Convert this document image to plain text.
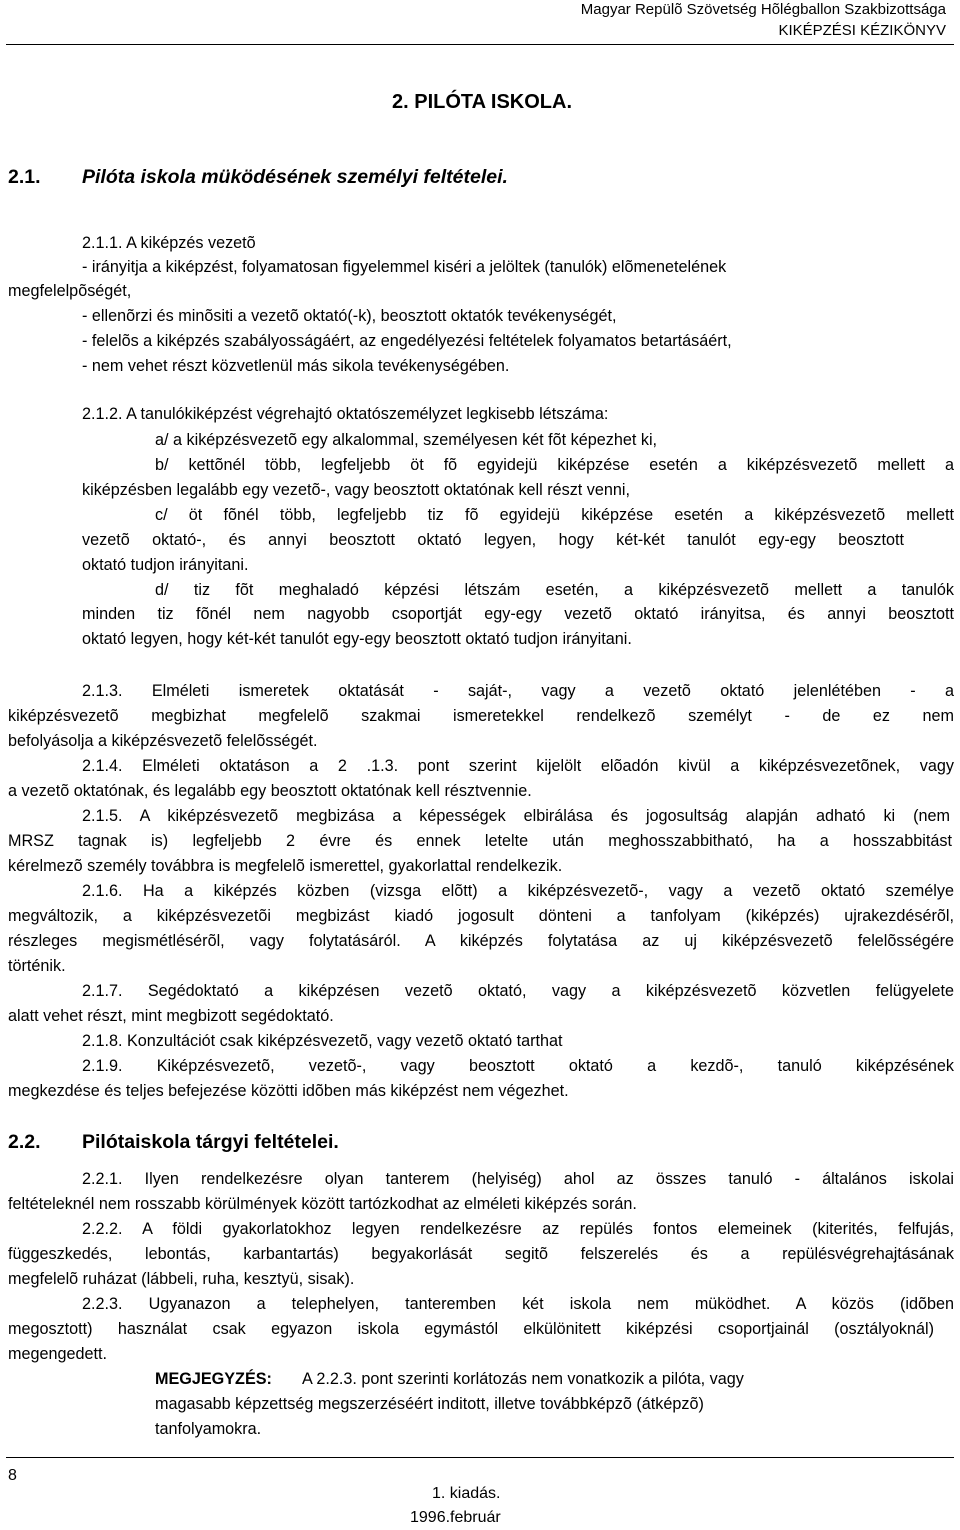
Magyar Repülõ Szövetség Hõlégballon Szakbizottsága
KIKÉPZÉSI KÉZIKÖNYV
2. PILÓTA ISKOLA.
2.1. Pilóta iskola müködésének személyi feltételei.
2.1.1. A kiképzés vezetõ
- irányitja a kiképzést, folyamatosan figyelemmel kiséri a jelöltek (tanulók) elõmenetelének
megfelelpõségét,
- ellenõrzi és minõsiti a vezetõ oktató(-k), beosztott oktatók tevékenységét,
- felelõs a kiképzés szabályosságáért, az engedélyezési feltételek folyamatos betartásáért,
- nem vehet részt közvetlenül más sikola tevékenységében.
2.1.2. A tanulókiképzést végrehajtó oktatószemélyzet legkisebb létszáma:
a/ a kiképzésvezetõ egy alkalommal, személyesen két fõt képezhet ki,
b/ kettõnél több, legfeljebb öt fõ egyidejü kiképzése esetén a kiképzésvezetõ mellett a
kiképzésben legalább egy vezetõ-, vagy beosztott oktatónak kell részt venni,
c/ öt fõnél több, legfeljebb tiz fõ egyidejü kiképzése esetén a kiképzésvezetõ mellett
vezetõ oktató-, és annyi beosztott oktató legyen, hogy két-két tanulót egy-egy beosztott
oktató tudjon irányitani.
d/ tiz fõt meghaladó képzési létszám esetén, a kiképzésvezetõ mellett a tanulók
minden tiz fõnél nem nagyobb csoportját egy-egy vezetõ oktató irányitsa, és annyi beosztott
oktató legyen, hogy két-két tanulót egy-egy beosztott oktató tudjon irányitani.
2.1.3. Elméleti ismeretek oktatását - saját-, vagy a vezetõ oktató jelenlétében - a
kiképzésvezetõ megbizhat megfelelõ szakmai ismeretekkel rendelkezõ személyt - de ez nem
befolyásolja a kiképzésvezetõ felelõsségét.
2.1.4. Elméleti oktatáson a 2 .1.3. pont szerint kijelölt elõadón kivül a kiképzésvezetõnek, vagy
a vezetõ oktatónak, és legalább egy beosztott oktatónak kell résztvennie.
2.1.5. A kiképzésvezetõ megbizása a képességek elbirálása és jogosultság alapján adható ki (nem
MRSZ tagnak is) legfeljebb 2 évre és ennek letelte után meghosszabbitható, ha a hosszabbitást
kérelmezõ személy továbbra is megfelelõ ismerettel, gyakorlattal rendelkezik.
2.1.6. Ha a kiképzés közben (vizsga elõtt) a kiképzésvezetõ-, vagy a vezetõ oktató személye
megváltozik, a kiképzésvezetõi megbizást kiadó jogosult dönteni a tanfolyam (kiképzés) ujrakezdésérõl,
részleges megismétlésérõl, vagy folytatásáról. A kiképzés folytatása az uj kiképzésvezetõ felelõsségére
történik.
2.1.7. Segédoktató a kiképzésen vezetõ oktató, vagy a kiképzésvezetõ közvetlen felügyelete
alatt vehet részt, mint megbizott segédoktató.
2.1.8. Konzultációt csak kiképzésvezetõ, vagy vezetõ oktató tarthat
2.1.9. Kiképzésvezetõ, vezetõ-, vagy beosztott oktató a kezdõ-, tanuló kiképzésének
megkezdése és teljes befejezése közötti idõben más kiképzést nem végezhet.
2.2. Pilótaiskola tárgyi feltételei.
2.2.1. Ilyen rendelkezésre olyan tanterem (helyiség) ahol az összes tanuló - általános iskolai
feltételeknél nem rosszabb körülmények között tartózkodhat az elméleti kiképzés során.
2.2.2. A földi gyakorlatokhoz legyen rendelkezésre az repülés fontos elemeinek (kiterités, felfujás,
függeszkedés, lebontás, karbantartás) begyakorlását segitõ felszerelés és a repülésvégrehajtásának
megfelelõ ruházat (lábbeli, ruha, kesztyü, sisak).
2.2.3. Ugyanazon a telephelyen, tanteremben két iskola nem müködhet. A közös (idõben
megosztott) használat csak egyazon iskola egymástól elkülönitett kiképzési csoportjainál (osztályoknál)
megengedett.
MEGJEGYZÉS: A 2.2.3. pont szerinti korlátozás nem vonatkozik a pilóta, vagy
magasabb képzettség megszerzéséért inditott, illetve továbbképzõ (átképzõ)
tanfolyamokra.
8
1. kiadás.
1996.február
